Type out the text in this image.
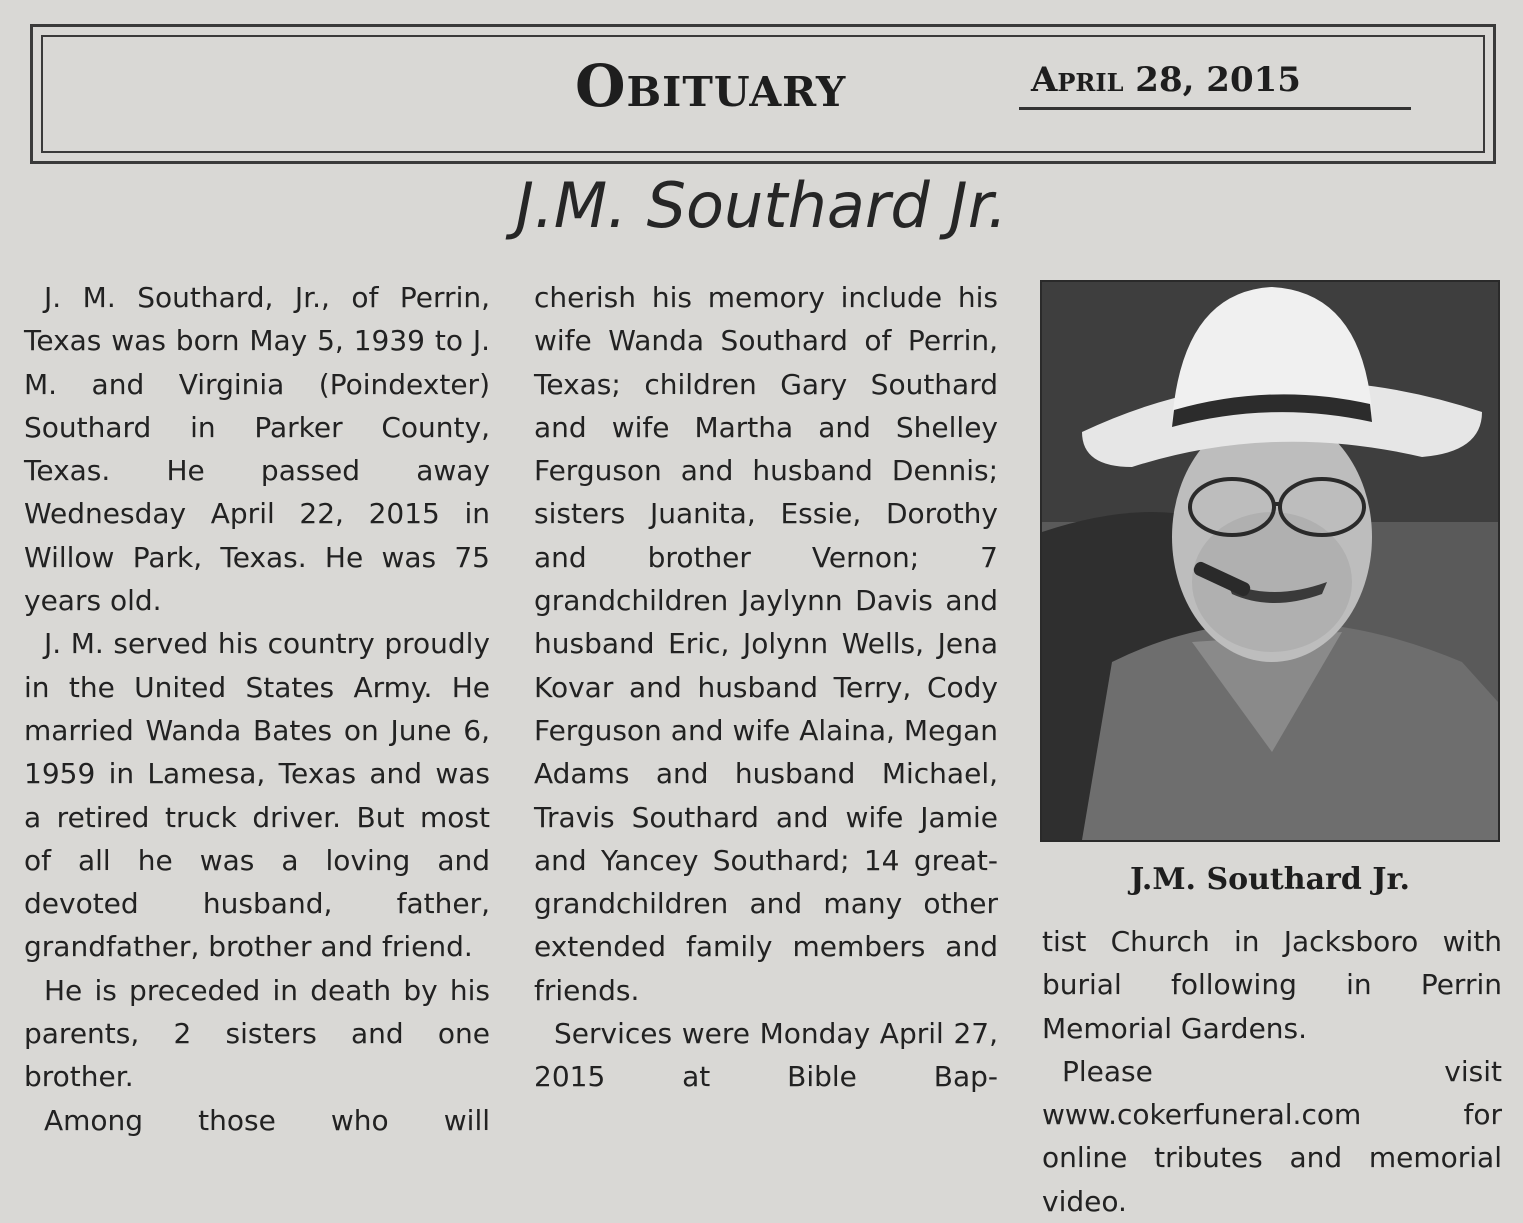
Obituary	April 28, 2015
J.M. Southard Jr.

J. M. Southard, Jr., of Perrin, Texas was born May 5, 1939 to J. M. and Virginia (Poindexter) Southard in Parker County, Texas. He passed away Wednesday April 22, 2015 in Willow Park, Texas. He was 75 years old.

J. M. served his country proudly in the United States Army. He married Wanda Bates on June 6, 1959 in Lamesa, Texas and was a retired truck driver. But most of all he was a loving and devoted husband, father, grandfather, brother and friend.

He is preceded in death by his parents, 2 sisters and one brother.

Among those who will

cherish his memory include his wife Wanda Southard of Perrin, Texas; children Gary Southard and wife Martha and Shelley Ferguson and husband Dennis; sisters Juanita, Essie, Dorothy and brother Vernon; 7 grandchildren Jaylynn Davis and husband Eric, Jolynn Wells, Jena Kovar and husband Terry, Cody Ferguson and wife Alaina, Megan Adams and husband Michael, Travis Southard and wife Jamie and Yancey Southard; 14 great-grandchildren and many other extended family members and friends.

Services were Monday April 27, 2015 at Bible Bap-

J.M. Southard Jr.

tist Church in Jacksboro with burial following in Perrin Memorial Gardens.

Please visit www.cokerfuneral.com for online tributes and memorial video.
